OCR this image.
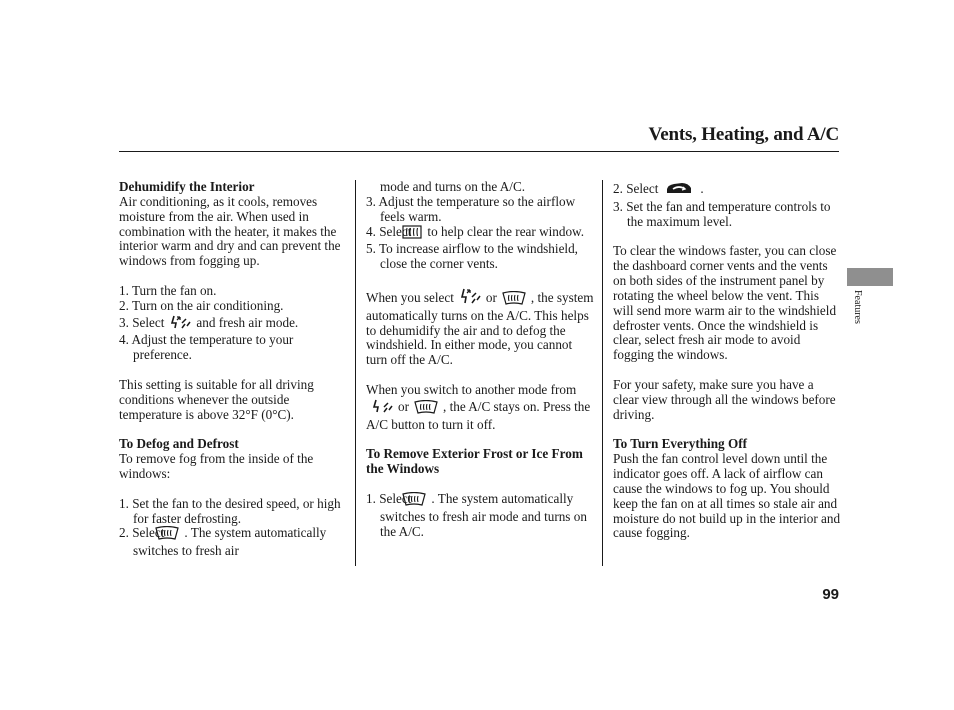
Vents, Heating, and A/C

Dehumidify the Interior

Air conditioning, as it cools, removes moisture from the air. When used in combination with the heater, it makes the interior warm and dry and can prevent the windows from fogging up.

1. Turn the fan on.

2. Turn on the air conditioning.

3. Select and fresh air mode.

4. Adjust the temperature to your preference.

This setting is suitable for all driving conditions whenever the outside temperature is above 32°F (0°C).

To Defog and Defrost

To remove fog from the inside of the windows:

1. Set the fan to the desired speed, or high for faster defrosting.

2. Select . The system automatically switches to fresh air

mode and turns on the A/C.

3. Adjust the temperature so the airflow feels warm.

4. Select to help clear the rear window.

5. To increase airflow to the windshield, close the corner vents.

When you select or	, the system automatically turns on the A/C. This helps to dehumidify the air and to defog the windshield. In either mode, you cannot turn off the A/C.

When you switch to another mode fromor	, the A/C stays on. Press the A/C button to turn it off.

To Remove Exterior Frost or Ice From the Windows

1. Select . The system automatically switches to fresh air mode and turns on the A/C.

2. Select	.

3. Set the fan and temperature controls to the maximum level.

To clear the windows faster, you can close the dashboard corner vents and the vents on both sides of the instrument panel by rotating the wheel below the vent. This will send more warm air to the windshield defroster vents. Once the windshield is clear, select fresh air mode to avoid fogging the windows.

For your safety, make sure you have a clear view through all the windows before driving.

To Turn Everything Off

Push the fan control level down until the indicator goes off. A lack of airflow can cause the windows to fog up. You should keep the fan on at all times so stale air and moisture do not build up in the interior and cause fogging.

Features
99
